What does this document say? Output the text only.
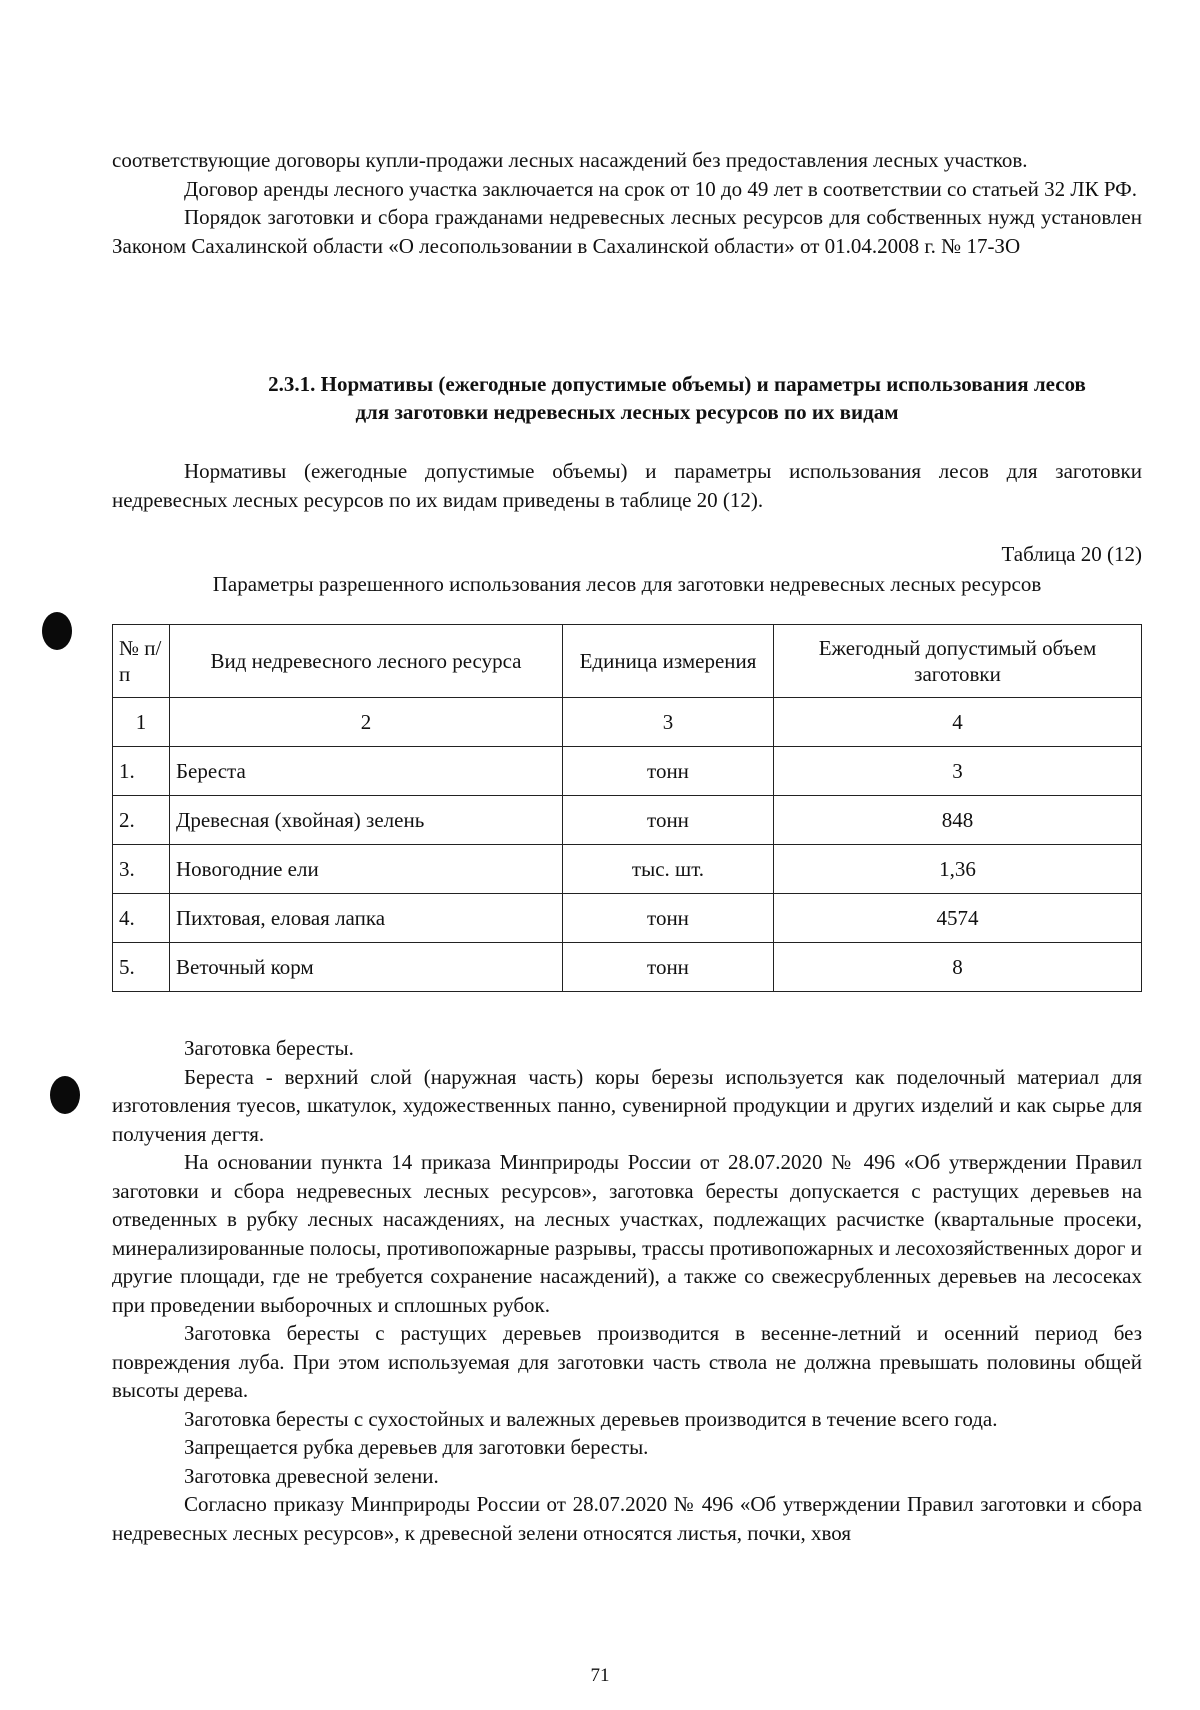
соответствующие договоры купли-продажи лесных насаждений без предоставления лесных участков.

Договор аренды лесного участка заключается на срок от 10 до 49 лет в соответствии со статьей 32 ЛК РФ.

Порядок заготовки и сбора гражданами недревесных лесных ресурсов для собственных нужд установлен Законом Сахалинской области «О лесопользовании в Сахалинской области» от 01.04.2008 г. № 17-ЗО

2.3.1. Нормативы (ежегодные допустимые объемы) и параметры использования лесов
для заготовки недревесных лесных ресурсов по их видам

Нормативы (ежегодные допустимые объемы) и параметры использования лесов для заготовки недревесных лесных ресурсов по их видам приведены в таблице 20 (12).

Таблица 20 (12)
Параметры разрешенного использования лесов для заготовки недревесных лесных ресурсов
№ п/п	Вид недревесного лесного ресурса	Единица измерения	Ежегодный допустимый объем заготовки
1	2	3	4
1.	Береста	тонн	3
2.	Древесная (хвойная) зелень	тонн	848
3.	Новогодние ели	тыс. шт.	1,36
4.	Пихтовая, еловая лапка	тонн	4574
5.	Веточный корм	тонн	8

Заготовка бересты.

Береста - верхний слой (наружная часть) коры березы используется как поделочный материал для изготовления туесов, шкатулок, художественных панно, сувенирной продукции и других изделий и как сырье для получения дегтя.

На основании пункта 14 приказа Минприроды России от 28.07.2020 № 496 «Об утверждении Правил заготовки и сбора недревесных лесных ресурсов», заготовка бересты допускается с растущих деревьев на отведенных в рубку лесных насаждениях, на лесных участках, подлежащих расчистке (квартальные просеки, минерализированные полосы, противопожарные разрывы, трассы противопожарных и лесохозяйственных дорог и другие площади, где не требуется сохранение насаждений), а также со свежесрубленных деревьев на лесосеках при проведении выборочных и сплошных рубок.

Заготовка бересты с растущих деревьев производится в весенне-летний и осенний период без повреждения луба. При этом используемая для заготовки часть ствола не должна превышать половины общей высоты дерева.

Заготовка бересты с сухостойных и валежных деревьев производится в течение всего года.

Запрещается рубка деревьев для заготовки бересты.

Заготовка древесной зелени.

Согласно приказу Минприроды России от 28.07.2020 № 496 «Об утверждении Правил заготовки и сбора недревесных лесных ресурсов», к древесной зелени относятся листья, почки, хвоя

71
